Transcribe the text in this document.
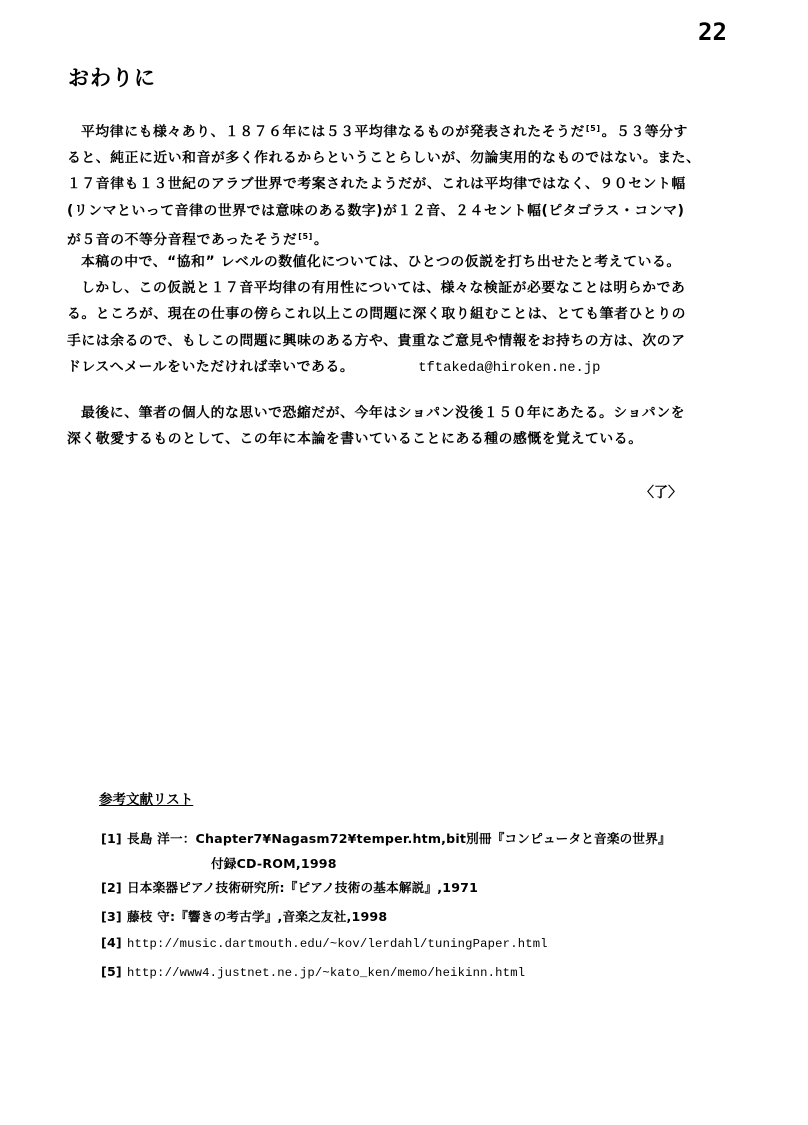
22
おわりに
平均律にも様々あり、１８７６年には５３平均律なるものが発表されたそうだ[5]。５３等分す
ると、純正に近い和音が多く作れるからということらしいが、勿論実用的なものではない。また、
１７音律も１３世紀のアラブ世界で考案されたようだが、これは平均律ではなく、９０セント幅
(リンマといって音律の世界では意味のある数字)が１２音、２４セント幅(ピタゴラス・コンマ)
が５音の不等分音程であったそうだ[5]。
本稿の中で、“協和” レベルの数値化については、ひとつの仮説を打ち出せたと考えている。
しかし、この仮説と１７音平均律の有用性については、様々な検証が必要なことは明らかであ
る。ところが、現在の仕事の傍らこれ以上この問題に深く取り組むことは、とても筆者ひとりの
手には余るので、もしこの問題に興味のある方や、貴重なご意見や情報をお持ちの方は、次のア
ドレスへメールをいただければ幸いである。	tftakeda@hiroken.ne.jp
最後に、筆者の個人的な思いで恐縮だが、今年はショパン没後１５０年にあたる。ショパンを
深く敬愛するものとして、この年に本論を書いていることにある種の感慨を覚えている。
〈了〉
参考文献リスト
[1] 長島 洋一：Chapter7¥Nagasm72¥temper.htm,bit別冊『コンピュータと音楽の世界』
付録CD-ROM,1998
[2] 日本楽器ピアノ技術研究所:『ピアノ技術の基本解説』,1971
[3] 藤枝 守:『響きの考古学』,音楽之友社,1998
[4] http://music.dartmouth.edu/~kov/lerdahl/tuningPaper.html
[5] http://www4.justnet.ne.jp/~kato_ken/memo/heikinn.html
